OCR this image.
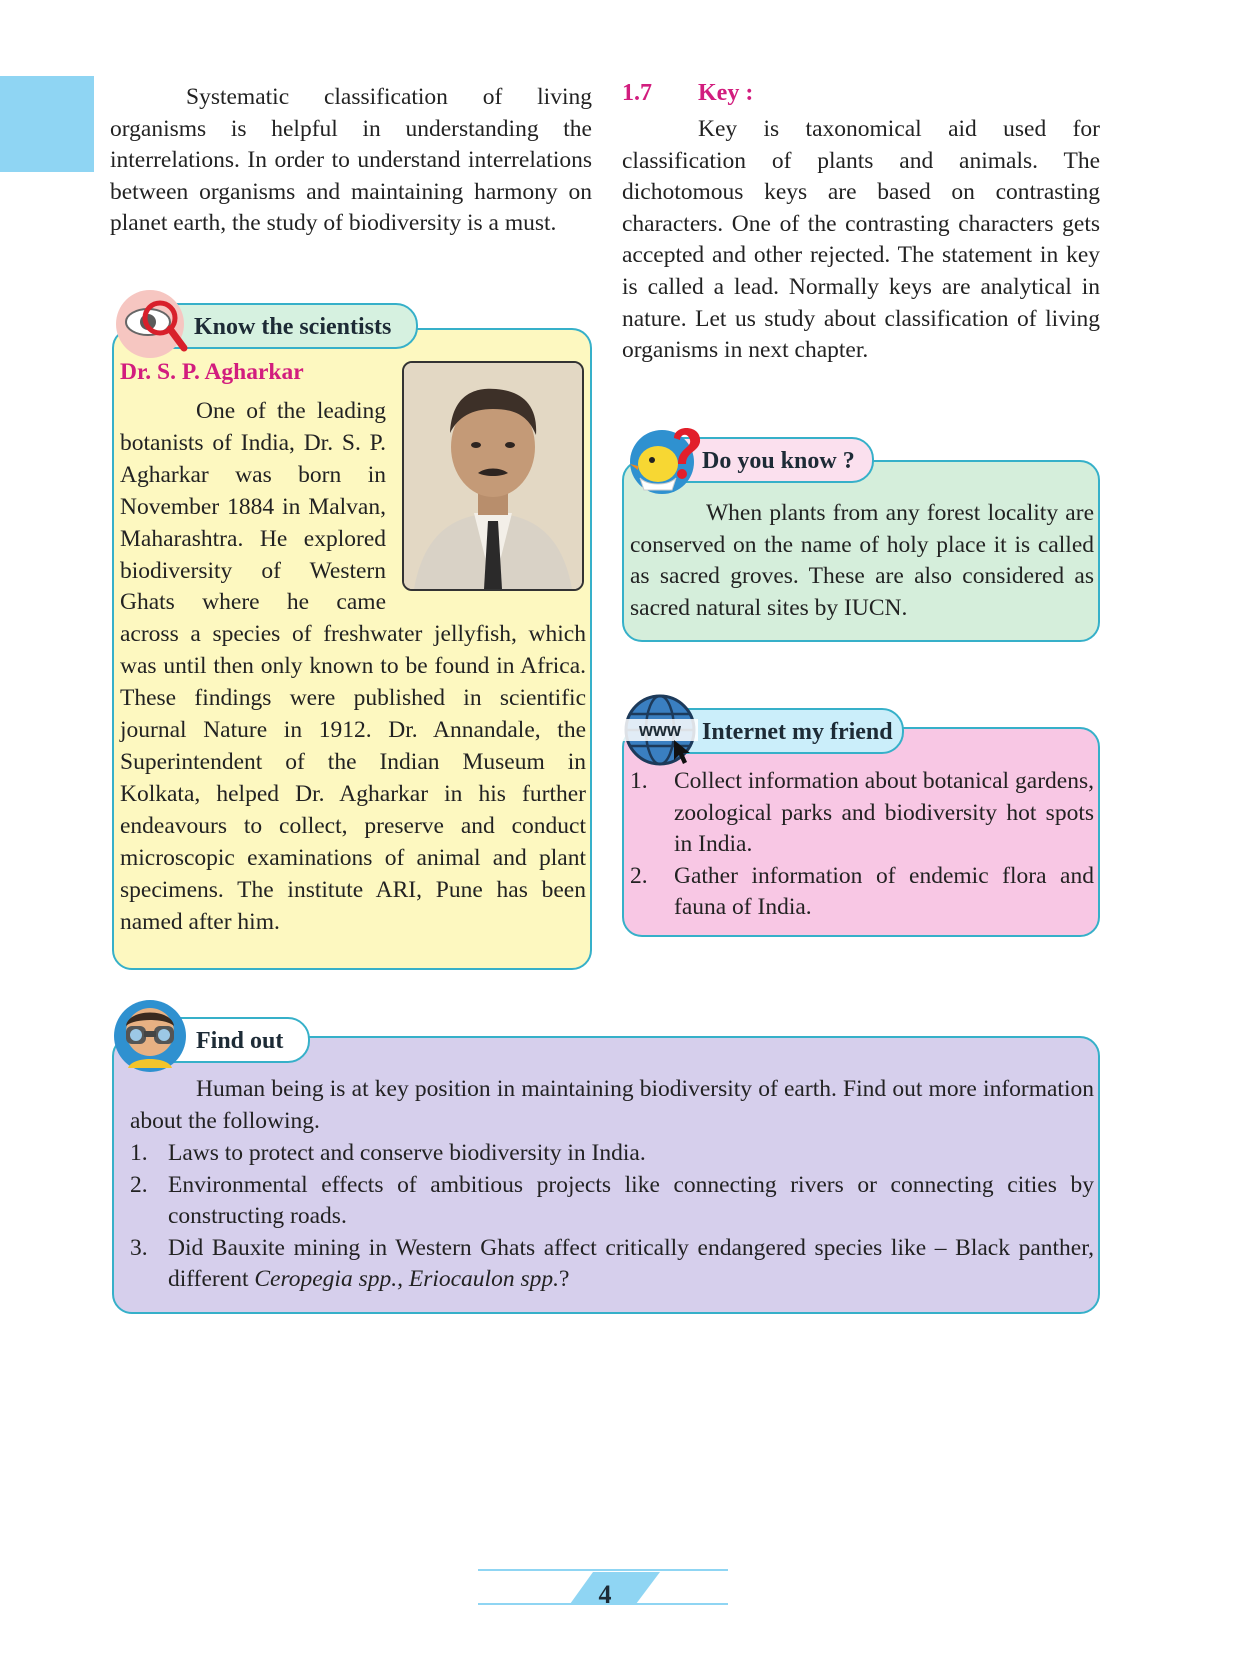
Systematic classification of living organisms is helpful in understanding the interrelations. In order to understand interrelations between organisms and maintaining harmony on planet earth, the study of biodiversity is a must.

1.7 Key :

Key is taxonomical aid used for classification of plants and animals. The dichotomous keys are based on contrasting characters. One of the contrasting characters gets accepted and other rejected. The statement in key is called a lead. Normally keys are analytical in nature. Let us study about classification of living organisms in next chapter.

Know the scientists

Dr. S. P. Agharkar

One of the leading botanists of India, Dr. S. P. Agharkar was born in November 1884 in Malvan, Maharashtra. He explored biodiversity of Western Ghats where he came across a species of freshwater jellyfish, which was until then only known to be found in Africa. These findings were published in scientific journal Nature in 1912. Dr. Annandale, the Superintendent of the Indian Museum in Kolkata, helped Dr. Agharkar in his further endeavours to collect, preserve and conduct microscopic examinations of animal and plant specimens. The institute ARI, Pune has been named after him.

Do you know ?

When plants from any forest locality are conserved on the name of holy place it is called as sacred groves. These are also considered as sacred natural sites by IUCN.

Internet my friend
www
1. Collect information about botanical gardens, zoological parks and biodiversity hot spots in India.
2. Gather information of endemic flora and fauna of India.
Find out

Human being is at key position in maintaining biodiversity of earth. Find out more information about the following.

1. Laws to protect and conserve biodiversity in India.
2. Environmental effects of ambitious projects like connecting rivers or connecting cities by constructing roads.
3. Did Bauxite mining in Western Ghats affect critically endangered species like – Black panther, different Ceropegia spp., Eriocaulon spp.?
4
